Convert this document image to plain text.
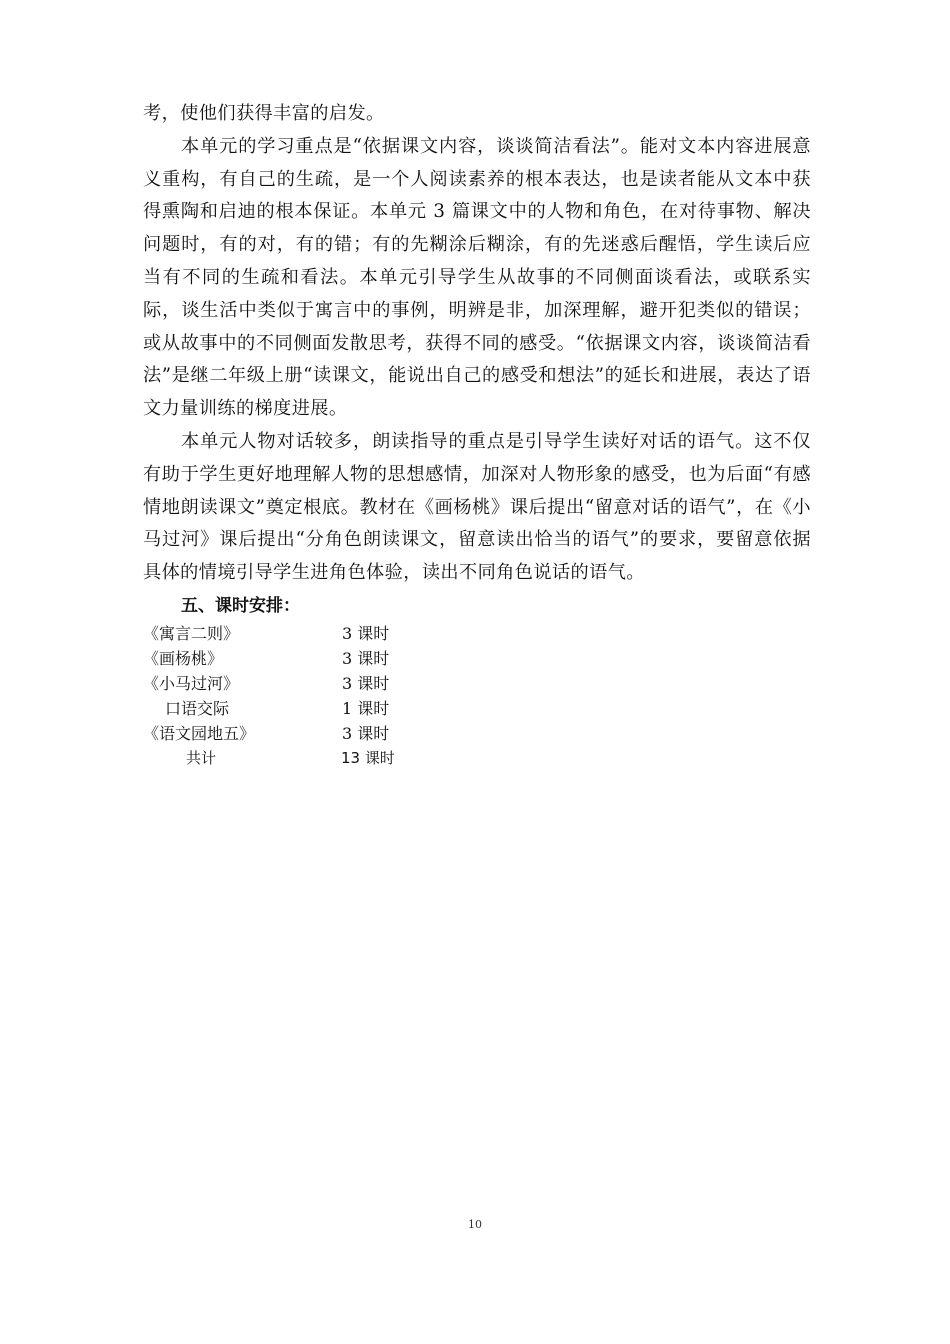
考，使他们获得丰富的启发。

本单元的学习重点是“依据课文内容，谈谈简洁看法”。能对文本内容进展意义重构，有自己的生疏，是一个人阅读素养的根本表达，也是读者能从文本中获得熏陶和启迪的根本保证。本单元 3 篇课文中的人物和角色，在对待事物、解决问题时，有的对，有的错；有的先糊涂后糊涂，有的先迷惑后醒悟，学生读后应当有不同的生疏和看法。本单元引导学生从故事的不同侧面谈看法，或联系实际，谈生活中类似于寓言中的事例，明辨是非，加深理解，避开犯类似的错误；或从故事中的不同侧面发散思考，获得不同的感受。“依据课文内容，谈谈简洁看法”是继二年级上册“读课文，能说出自己的感受和想法”的延长和进展，表达了语文力量训练的梯度进展。

本单元人物对话较多，朗读指导的重点是引导学生读好对话的语气。这不仅有助于学生更好地理解人物的思想感情，加深对人物形象的感受，也为后面“有感情地朗读课文”奠定根底。教材在《画杨桃》课后提出“留意对话的语气”，在《小马过河》课后提出“分角色朗读课文，留意读出恰当的语气”的要求，要留意依据具体的情境引导学生进角色体验，读出不同角色说话的语气。

五、课时安排：
《寓言二则》	3 课时
《画杨桃》	3 课时
《小马过河》	3 课时
口语交际	1 课时
《语文园地五》	3 课时
共计	13 课时
10
